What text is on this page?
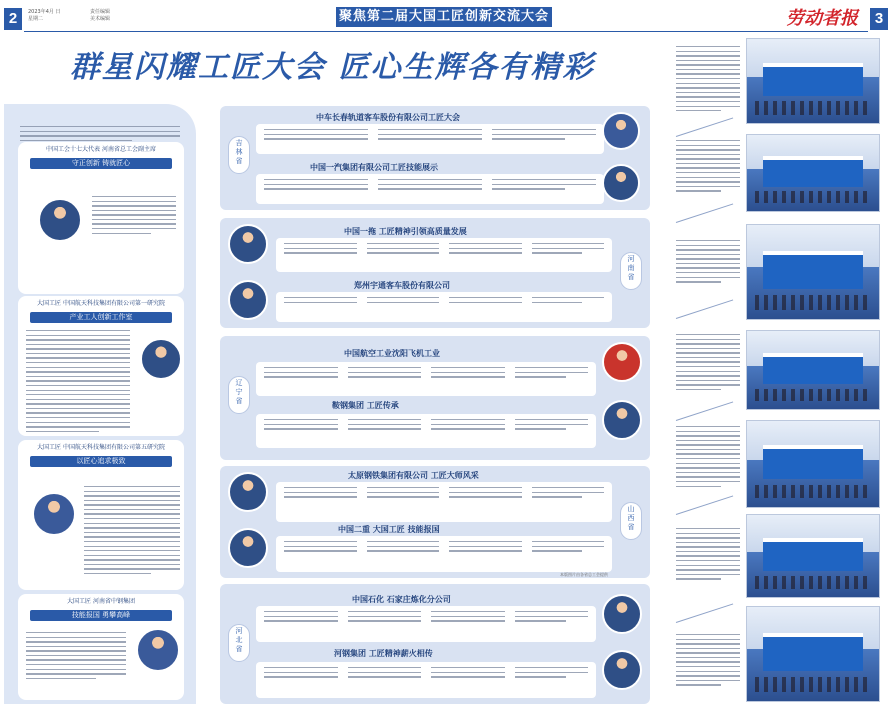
2	2023年4月 日
星期二
责任编辑
美术编辑	聚焦第二届大国工匠创新交流大会	劳动者报	3
群星闪耀工匠大会 匠心生辉各有精彩
中国工会十七大代表 河南省总工会副主席
守正创新 铸就匠心
大国工匠 中国航天科技集团有限公司第一研究院
产业工人创新工作室
大国工匠 中国航天科技集团有限公司第五研究院
以匠心追求极致
大国工匠 河南省中钢集团
技能报国 勇攀高峰
吉
林
省
中车长春轨道客车股份有限公司工匠大会
中国一汽集团有限公司工匠技能展示
中国一拖 工匠精神引领高质量发展
郑州宇通客车股份有限公司
河
南
省
辽
宁
省
中国航空工业沈阳飞机工业
鞍钢集团 工匠传承
太原钢铁集团有限公司 工匠大师风采
中国二重 大国工匠 技能报国
山
西
省
本版图片由各省总工会提供
河
北
省
中国石化 石家庄炼化分公司
河钢集团 工匠精神薪火相传
